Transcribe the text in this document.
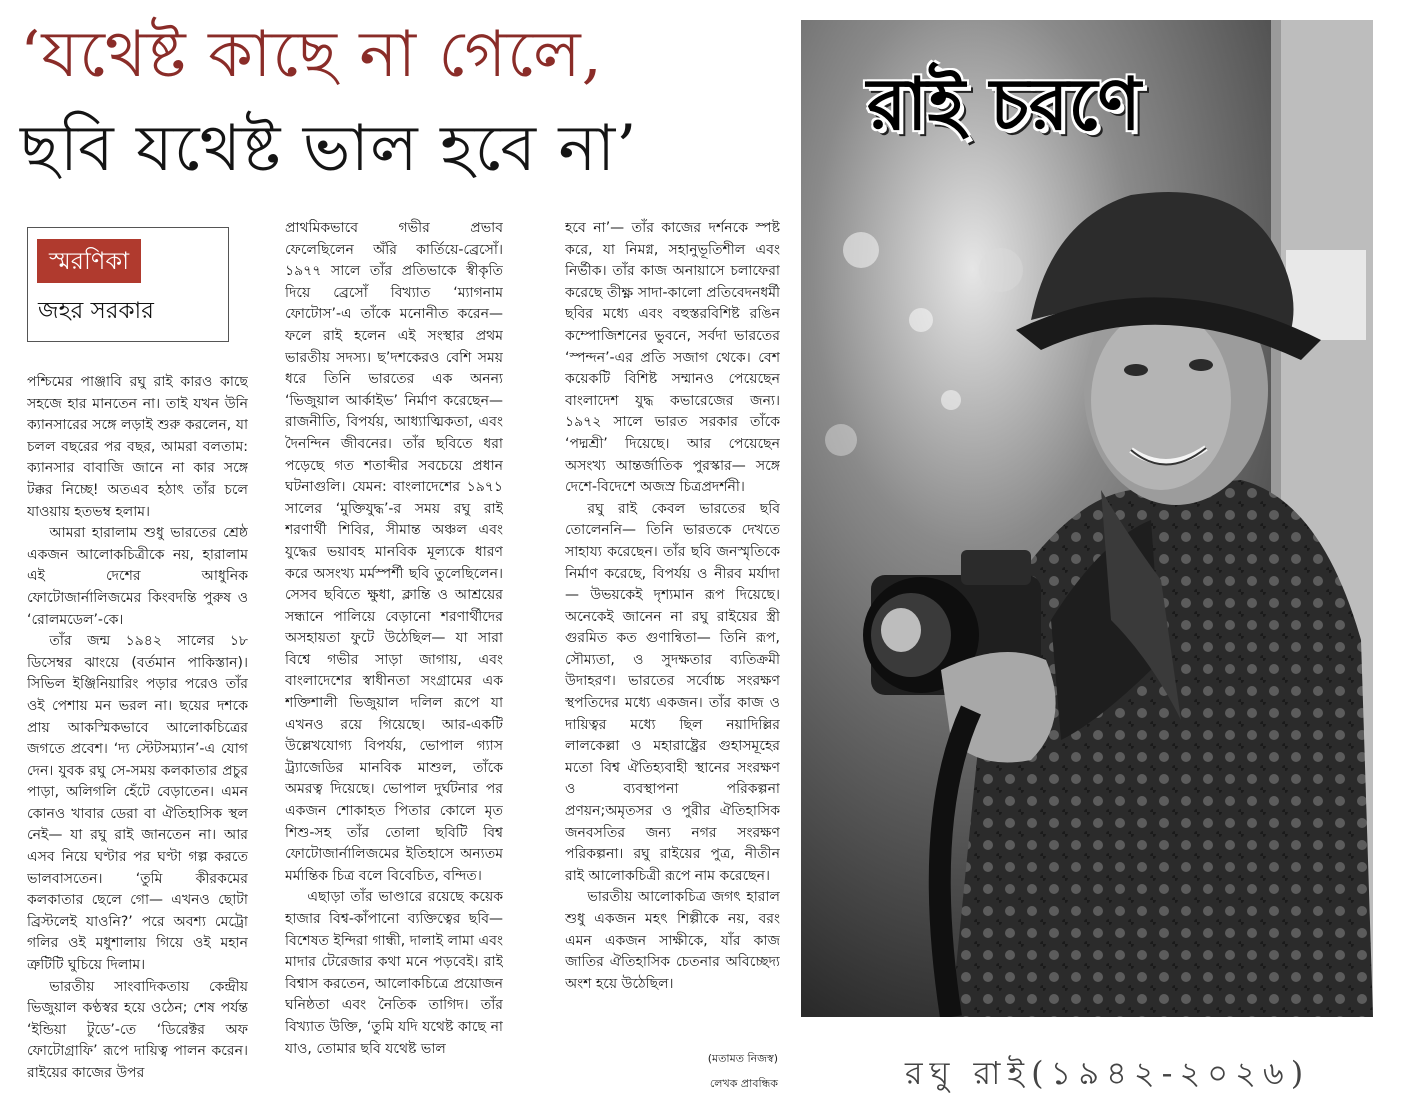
‘যথেষ্ট কাছে না গেলে,
ছবি যথেষ্ট ভাল হবে না’
স্মরণিকা
জহর সরকার

পশ্চিমের পাঞ্জাবি রঘু রাই কারও কাছে সহজে হার মানতেন না। তাই যখন উনি ক্যানসারের সঙ্গে লড়াই শুরু করলেন, যা চলল বছরের পর বছর, আমরা বলতাম: ক্যানসার বাবাজি জানে না কার সঙ্গে টক্কর নিচ্ছে! অতএব হঠাৎ তাঁর চলে যাওয়ায় হতভম্ব হলাম।

আমরা হারালাম শুধু ভারতের শ্রেষ্ঠ একজন আলোকচিত্রীকে নয়, হারালাম এই দেশের আধুনিক ফোটোজার্নালিজমের কিংবদন্তি পুরুষ ও ‘রোলমডেল’-কে।

তাঁর জন্ম ১৯৪২ সালের ১৮ ডিসেম্বর ঝাংয়ে (বর্তমান পাকিস্তান)। সিভিল ইঞ্জিনিয়ারিং পড়ার পরেও তাঁর ওই পেশায় মন ভরল না। ছয়ের দশকে প্রায় আকস্মিকভাবে আলোকচিত্রের জগতে প্রবেশ। ‘দ্য স্টেটসম্যান’-এ যোগ দেন। যুবক রঘু সে-সময় কলকাতার প্রচুর পাড়া, অলিগলি হেঁটে বেড়াতেন। এমন কোনও খাবার ডেরা বা ঐতিহাসিক স্থল নেই— যা রঘু রাই জানতেন না। আর এসব নিয়ে ঘণ্টার পর ঘণ্টা গল্প করতে ভালবাসতেন। ‘তুমি কীরকমের কলকাতার ছেলে গো— এখনও ছোটা ব্রিস্টলেই যাওনি?’ পরে অবশ্য মেট্রো গলির ওই মধুশালায় গিয়ে ওই মহান ত্রুটিটি ঘুচিয়ে দিলাম।

ভারতীয় সাংবাদিকতায় কেন্দ্রীয় ভিজুয়াল কণ্ঠস্বর হয়ে ওঠেন; শেষ পর্যন্ত ‘ইন্ডিয়া টুডে’-তে ‘ডিরেক্টর অফ ফোটোগ্রাফি’ রূপে দায়িত্ব পালন করেন। রাইয়ের কাজের উপর

প্রাথমিকভাবে গভীর প্রভাব ফেলেছিলেন অঁরি কার্তিয়ে-ব্রেসোঁ। ১৯৭৭ সালে তাঁর প্রতিভাকে স্বীকৃতি দিয়ে ব্রেসোঁ বিখ্যাত ‘ম্যাগনাম ফোটোস’-এ তাঁকে মনোনীত করেন— ফলে রাই হলেন এই সংস্থার প্রথম ভারতীয় সদস্য। ছ’দশকেরও বেশি সময় ধরে তিনি ভারতের এক অনন্য ‘ভিজুয়াল আর্কাইভ’ নির্মাণ করেছেন— রাজনীতি, বিপর্যয়, আধ্যাত্মিকতা, এবং দৈনন্দিন জীবনের। তাঁর ছবিতে ধরা পড়েছে গত শতাব্দীর সবচেয়ে প্রধান ঘটনাগুলি। যেমন: বাংলাদেশের ১৯৭১ সালের ‘মুক্তিযুদ্ধ’-র সময় রঘু রাই শরণার্থী শিবির, সীমান্ত অঞ্চল এবং যুদ্ধের ভয়াবহ মানবিক মূল্যকে ধারণ করে অসংখ্য মর্মস্পর্শী ছবি তুলেছিলেন। সেসব ছবিতে ক্ষুধা, ক্লান্তি ও আশ্রয়ের সন্ধানে পালিয়ে বেড়ানো শরণার্থীদের অসহায়তা ফুটে উঠেছিল— যা সারা বিশ্বে গভীর সাড়া জাগায়, এবং বাংলাদেশের স্বাধীনতা সংগ্রামের এক শক্তিশালী ভিজুয়াল দলিল রূপে যা এখনও রয়ে গিয়েছে। আর-একটি উল্লেখযোগ্য বিপর্যয়, ভোপাল গ্যাস ট্র্যাজেডির মানবিক মাশুল, তাঁকে অমরত্ব দিয়েছে। ভোপাল দুর্ঘটনার পর একজন শোকাহত পিতার কোলে মৃত শিশু-সহ তাঁর তোলা ছবিটি বিশ্ব ফোটোজার্নালিজমের ইতিহাসে অন্যতম মর্মান্তিক চিত্র বলে বিবেচিত, বন্দিত।

এছাড়া তাঁর ভাণ্ডারে রয়েছে কয়েক হাজার বিশ্ব-কাঁপানো ব্যক্তিত্বের ছবি— বিশেষত ইন্দিরা গান্ধী, দালাই লামা এবং মাদার টেরেজার কথা মনে পড়বেই। রাই বিশ্বাস করতেন, আলোকচিত্রে প্রয়োজন ঘনিষ্ঠতা এবং নৈতিক তাগিদ। তাঁর বিখ্যাত উক্তি, ‘তুমি যদি যথেষ্ট কাছে না যাও, তোমার ছবি যথেষ্ট ভাল

হবে না’— তাঁর কাজের দর্শনকে স্পষ্ট করে, যা নিমগ্ন, সহানুভূতিশীল এবং নির্ভীক। তাঁর কাজ অনায়াসে চলাফেরা করেছে তীক্ষ্ণ সাদা-কালো প্রতিবেদনধর্মী ছবির মধ্যে এবং বহুস্তরবিশিষ্ট রঙিন কম্পোজিশনের ভুবনে, সর্বদা ভারতের ‘স্পন্দন’-এর প্রতি সজাগ থেকে। বেশ কয়েকটি বিশিষ্ট সম্মানও পেয়েছেন বাংলাদেশ যুদ্ধ কভারেজের জন্য। ১৯৭২ সালে ভারত সরকার তাঁকে ‘পদ্মশ্রী’ দিয়েছে। আর পেয়েছেন অসংখ্য আন্তর্জাতিক পুরস্কার— সঙ্গে দেশে-বিদেশে অজস্র চিত্রপ্রদর্শনী।

রঘু রাই কেবল ভারতের ছবি তোলেননি— তিনি ভারতকে দেখতে সাহায্য করেছেন। তাঁর ছবি জনস্মৃতিকে নির্মাণ করেছে, বিপর্যয় ও নীরব মর্যাদা— উভয়কেই দৃশ্যমান রূপ দিয়েছে। অনেকেই জানেন না রঘু রাইয়ের স্ত্রী গুরমিত কত গুণান্বিতা— তিনি রূপ, সৌম্যতা, ও সুদক্ষতার ব্যতিক্রমী উদাহরণ। ভারতের সর্বোচ্চ সংরক্ষণ স্থপতিদের মধ্যে একজন। তাঁর কাজ ও দায়িত্বর মধ্যে ছিল নয়াদিল্লির লালকেল্লা ও মহারাষ্ট্রের গুহাসমূহের মতো বিশ্ব ঐতিহ্যবাহী স্থানের সংরক্ষণ ও ব্যবস্থাপনা পরিকল্পনা প্রণয়ন;অমৃতসর ও পুরীর ঐতিহাসিক জনবসতির জন্য নগর সংরক্ষণ পরিকল্পনা। রঘু রাইয়ের পুত্র, নীতীন রাই আলোকচিত্রী রূপে নাম করেছেন।

ভারতীয় আলোকচিত্র জগৎ হারাল শুধু একজন মহৎ শিল্পীকে নয়, বরং এমন একজন সাক্ষীকে, যাঁর কাজ জাতির ঐতিহাসিক চেতনার অবিচ্ছেদ্য অংশ হয়ে উঠেছিল।

(মতামত নিজস্ব)
লেখক প্রাবন্ধিক
রাই চরণে
রঘু রাই(১৯৪২-২০২৬)
